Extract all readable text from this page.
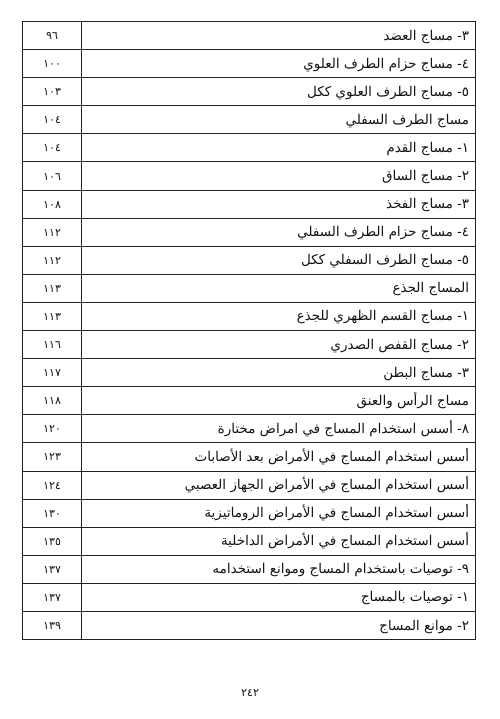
٩٦	٣- مساج العضد
١٠٠	٤- مساج حزام الطرف العلوي
١٠٣	٥- مساج الطرف العلوي ككل
١٠٤	مساج الطرف السفلي
١٠٤	١- مساج القدم
١٠٦	٢- مساج الساق
١٠٨	٣- مساج الفخذ
١١٢	٤- مساج حزام الطرف السفلي
١١٢	٥- مساج الطرف السفلي ككل
١١٣	المساج الجذع
١١٣	١- مساج القسم الظهري للجذع
١١٦	٢- مساج القفص الصدري
١١٧	٣- مساج البطن
١١٨	مساج الرأس والعنق
١٢٠	٨- أسس استخدام المساج في امراض مختارة
١٢٣	أسس استخدام المساج في الأمراض بعد الأصابات
١٢٤	أسس استخدام المساج في الأمراض الجهاز العصبي
١٣٠	أسس استخدام المساج في الأمراض الروماتيزية
١٣٥	أسس استخدام المساج في الأمراض الداخلية
١٣٧	٩- توصيات باستخدام المساج وموانع استخدامه
١٣٧	١- توصيات بالمساج
١٣٩	٢- موانع المساج
٢٤٢
